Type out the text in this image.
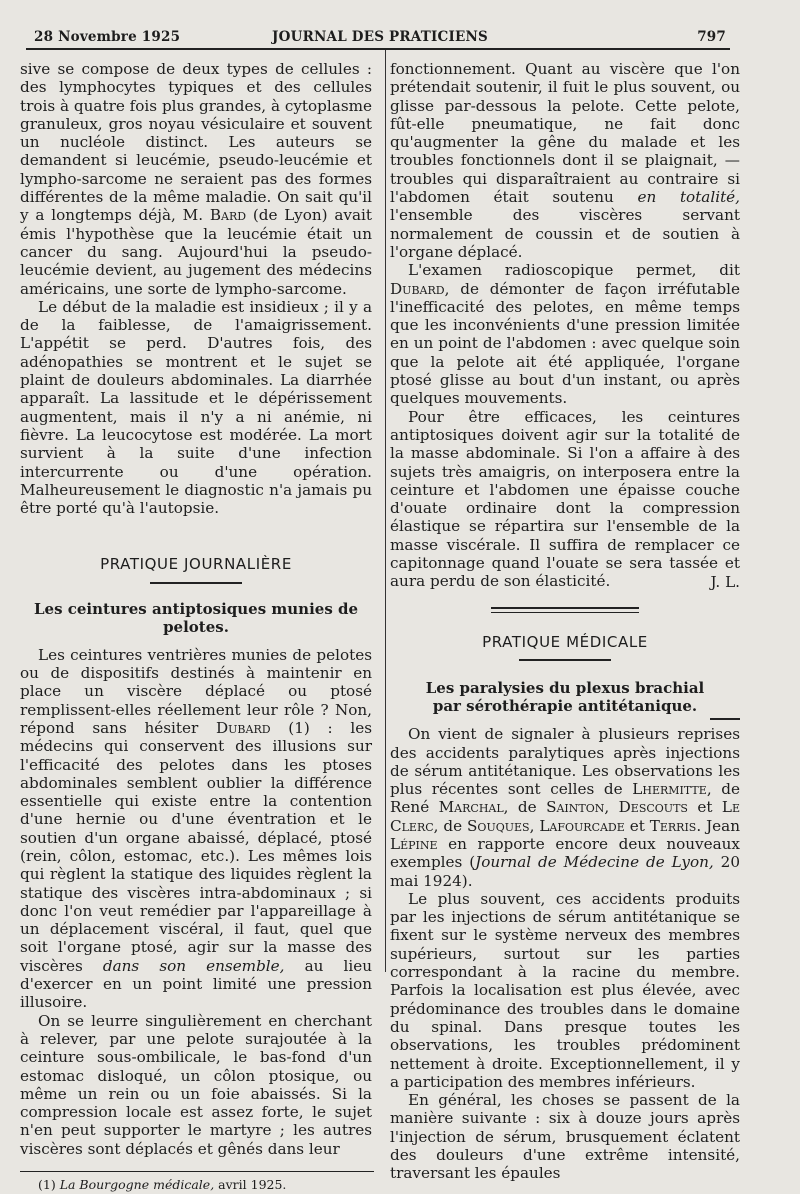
28 Novembre 1925	JOURNAL DES PRATICIENS	797

sive se compose de deux types de cellules : des lymphocytes typiques et des cellules trois à quatre fois plus grandes, à cytoplasme granuleux, gros noyau vésiculaire et souvent un nucléole distinct. Les auteurs se demandent si leucémie, pseudo-leucémie et lympho-sarcome ne seraient pas des formes différentes de la même maladie. On sait qu'il y a longtemps déjà, M. Bard (de Lyon) avait émis l'hypothèse que la leucémie était un cancer du sang. Aujourd'hui la pseudo-leucémie devient, au jugement des médecins américains, une sorte de lympho-sarcome.

Le début de la maladie est insidieux ; il y a de la faiblesse, de l'amaigrissement. L'appétit se perd. D'autres fois, des adénopathies se montrent et le sujet se plaint de douleurs abdominales. La diarrhée apparaît. La lassitude et le dépérissement augmentent, mais il n'y a ni anémie, ni fièvre. La leucocytose est modérée. La mort survient à la suite d'une infection intercurrente ou d'une opération. Malheureusement le diagnostic n'a jamais pu être porté qu'à l'autopsie.

PRATIQUE JOURNALIÈRE
Les ceintures antiptosiques munies de pelotes.

Les ceintures ventrières munies de pelotes ou de dispositifs destinés à maintenir en place un viscère déplacé ou ptosé remplissent-elles réellement leur rôle ? Non, répond sans hésiter Dubard (1) : les médecins qui conservent des illusions sur l'efficacité des pelotes dans les ptoses abdominales semblent oublier la différence essentielle qui existe entre la contention d'une hernie ou d'une éventration et le soutien d'un organe abaissé, déplacé, ptosé (rein, côlon, estomac, etc.). Les mêmes lois qui règlent la statique des liquides règlent la statique des viscères intra-abdominaux ; si donc l'on veut remédier par l'appareillage à un déplacement viscéral, il faut, quel que soit l'organe ptosé, agir sur la masse des viscères dans son ensemble, au lieu d'exercer en un point limité une pression illusoire.

On se leurre singulièrement en cherchant à relever, par une pelote surajoutée à la ceinture sous-ombilicale, le bas-fond d'un estomac disloqué, un côlon ptosique, ou même un rein ou un foie abaissés. Si la compression locale est assez forte, le sujet n'en peut supporter le martyre ; les autres viscères sont déplacés et gênés dans leur

(1) La Bourgogne médicale, avril 1925.

fonctionnement. Quant au viscère que l'on prétendait soutenir, il fuit le plus souvent, ou glisse par-dessous la pelote. Cette pelote, fût-elle pneumatique, ne fait donc qu'augmenter la gêne du malade et les troubles fonctionnels dont il se plaignait, — troubles qui disparaîtraient au contraire si l'abdomen était soutenu en totalité, l'ensemble des viscères servant normalement de coussin et de soutien à l'organe déplacé.

L'examen radioscopique permet, dit Dubard, de démonter de façon irréfutable l'inefficacité des pelotes, en même temps que les inconvénients d'une pression limitée en un point de l'abdomen : avec quelque soin que la pelote ait été appliquée, l'organe ptosé glisse au bout d'un instant, ou après quelques mouvements.

Pour être efficaces, les ceintures antiptosiques doivent agir sur la totalité de la masse abdominale. Si l'on a affaire à des sujets très amaigris, on interposera entre la ceinture et l'abdomen une épaisse couche d'ouate ordinaire dont la compression élastique se répartira sur l'ensemble de la masse viscérale. Il suffira de remplacer ce capitonnage quand l'ouate se sera tassée et aura perdu de son élasticité.	J. L.

PRATIQUE MÉDICALE
Les paralysies du plexus brachial
par sérothérapie antitétanique.

On vient de signaler à plusieurs reprises des accidents paralytiques après injections de sérum antitétanique. Les observations les plus récentes sont celles de Lhermitte, de René Marchal, de Sainton, Descouts et Le Clerc, de Souques, Lafourcade et Terris. Jean Lépine en rapporte encore deux nouveaux exemples (Journal de Médecine de Lyon, 20 mai 1924).

Le plus souvent, ces accidents produits par les injections de sérum antitétanique se fixent sur le système nerveux des membres supérieurs, surtout sur les parties correspondant à la racine du membre. Parfois la localisation est plus élevée, avec prédominance des troubles dans le domaine du spinal. Dans presque toutes les observations, les troubles prédominent nettement à droite. Exceptionnellement, il y a participation des membres inférieurs.

En général, les choses se passent de la manière suivante : six à douze jours après l'injection de sérum, brusquement éclatent des douleurs d'une extrême intensité, traversant les épaules
